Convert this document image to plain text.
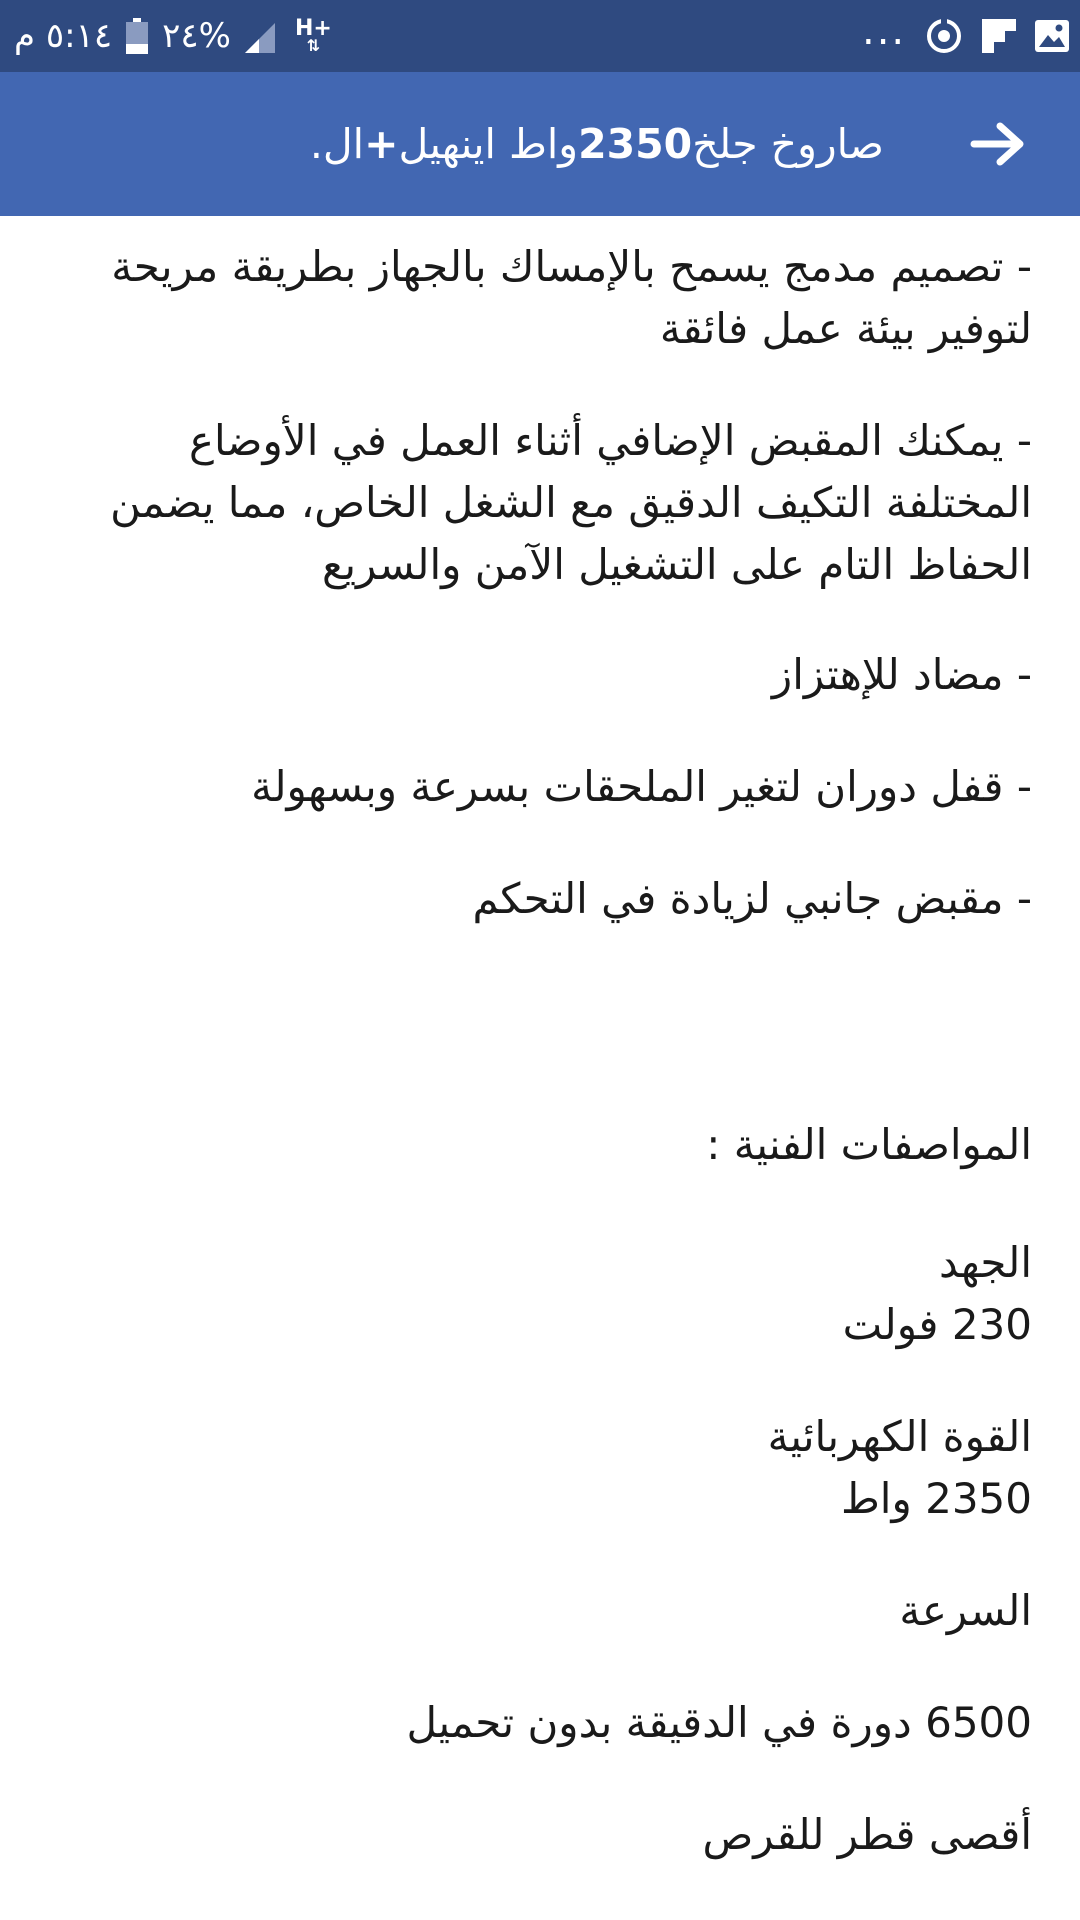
...
٥:١٤ م ٢٤%	H+
⇅
صاروخ جلخ
2350
واط اينهيل
+
ال.
- تصميم مدمج يسمح بالإمساك بالجهاز بطريقة مريحة
لتوفير بيئة عمل فائقة
- يمكنك المقبض الإضافي أثناء العمل في الأوضاع
المختلفة التكيف الدقيق مع الشغل الخاص، مما يضمن
الحفاظ التام على التشغيل الآمن والسريع
- مضاد للإهتزاز
- قفل دوران لتغير الملحقات بسرعة وبسهولة
- مقبض جانبي لزيادة في التحكم
المواصفات الفنية :
الجهد
230 فولت
القوة الكهربائية
2350 واط
السرعة
6500 دورة في الدقيقة بدون تحميل
أقصى قطر للقرص
